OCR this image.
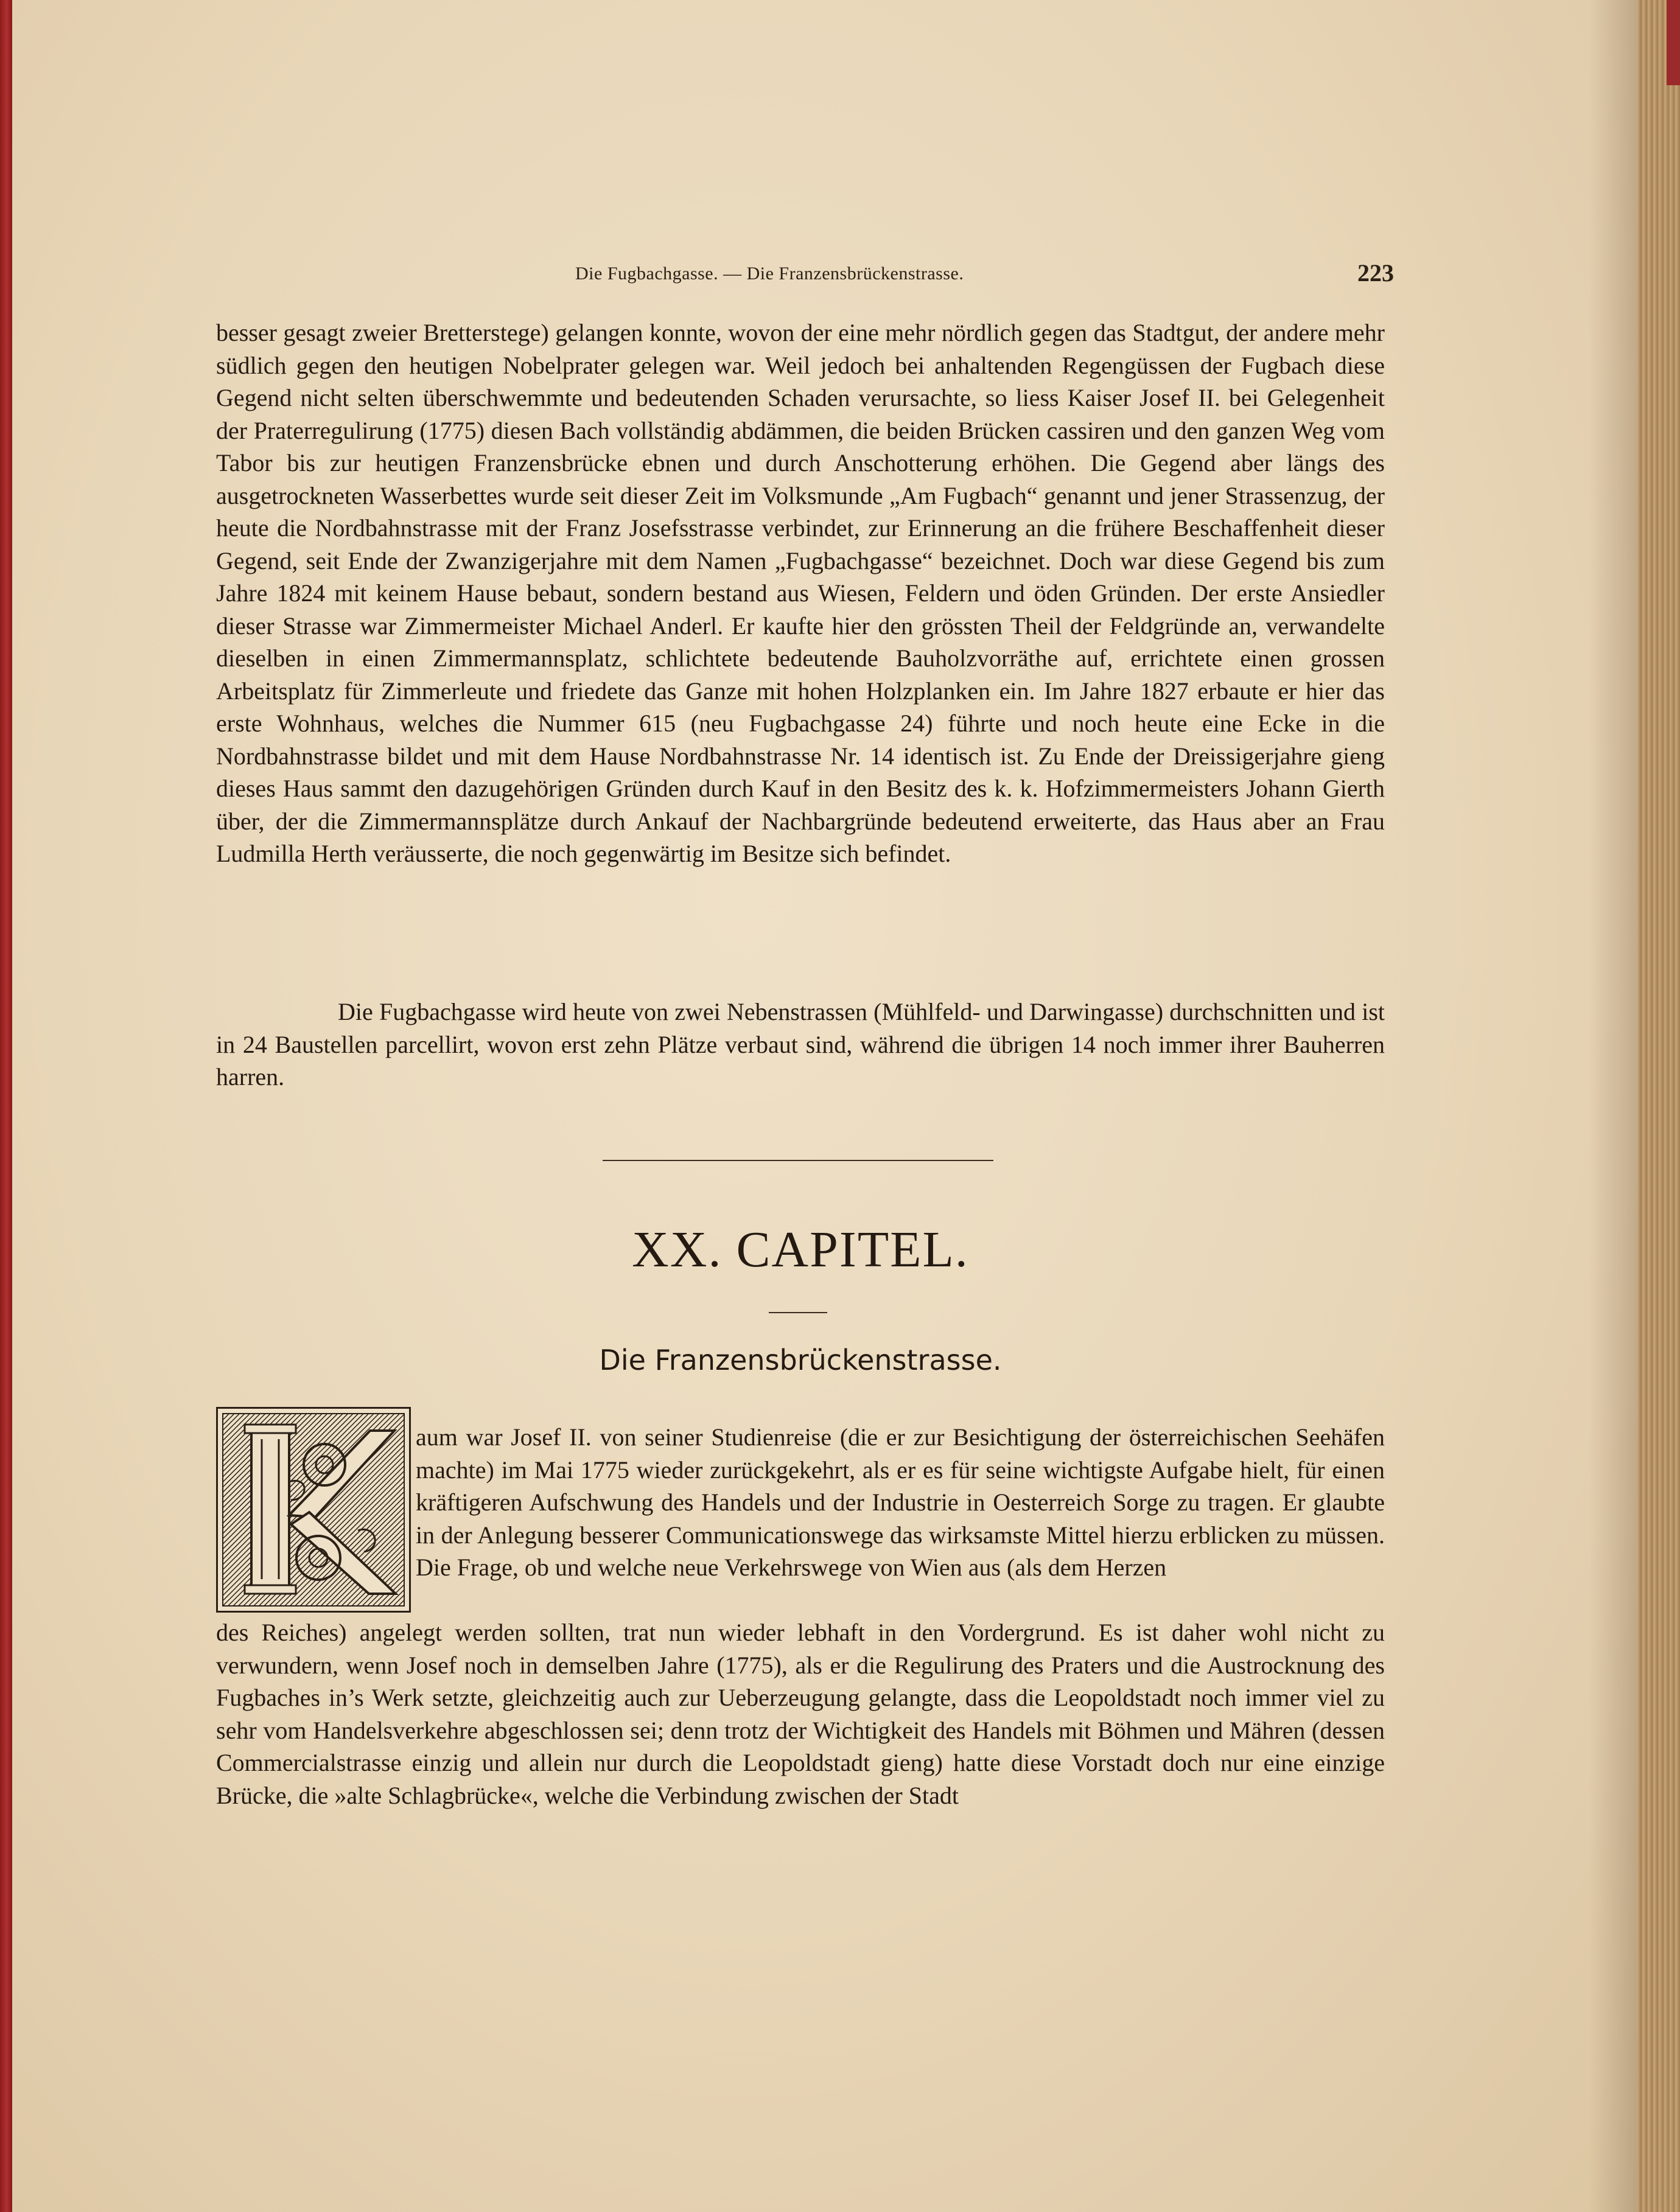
Die Fugbachgasse. — Die Franzensbrückenstrasse.	223

besser gesagt zweier Bretterstege) gelangen konnte, wovon der eine mehr nördlich gegen das Stadtgut, der andere mehr südlich gegen den heutigen Nobelprater gelegen war. Weil jedoch bei anhaltenden Regengüssen der Fugbach diese Gegend nicht selten überschwemmte und bedeutenden Schaden verursachte, so liess Kaiser Josef II. bei Gelegenheit der Praterregulirung (1775) diesen Bach vollständig abdämmen, die beiden Brücken cassiren und den ganzen Weg vom Tabor bis zur heutigen Franzensbrücke ebnen und durch Anschotterung erhöhen. Die Gegend aber längs des ausgetrockneten Wasserbettes wurde seit dieser Zeit im Volksmunde „Am Fugbach“ genannt und jener Strassenzug, der heute die Nordbahnstrasse mit der Franz Josefsstrasse verbindet, zur Erinnerung an die frühere Beschaffenheit dieser Gegend, seit Ende der Zwanzigerjahre mit dem Namen „Fugbachgasse“ bezeichnet. Doch war diese Gegend bis zum Jahre 1824 mit keinem Hause bebaut, sondern bestand aus Wiesen, Feldern und öden Gründen. Der erste Ansiedler dieser Strasse war Zimmermeister Michael Anderl. Er kaufte hier den grössten Theil der Feldgründe an, verwandelte dieselben in einen Zimmermannsplatz, schlichtete bedeutende Bauholzvorräthe auf, errichtete einen grossen Arbeitsplatz für Zimmerleute und friedete das Ganze mit hohen Holzplanken ein. Im Jahre 1827 erbaute er hier das erste Wohnhaus, welches die Nummer 615 (neu Fugbachgasse 24) führte und noch heute eine Ecke in die Nordbahnstrasse bildet und mit dem Hause Nordbahnstrasse Nr. 14 identisch ist. Zu Ende der Dreissigerjahre gieng dieses Haus sammt den dazugehörigen Gründen durch Kauf in den Besitz des k. k. Hofzimmermeisters Johann Gierth über, der die Zimmermannsplätze durch Ankauf der Nachbargründe bedeutend erweiterte, das Haus aber an Frau Ludmilla Herth veräusserte, die noch gegenwärtig im Besitze sich befindet.

Die Fugbachgasse wird heute von zwei Nebenstrassen (Mühlfeld- und Darwingasse) durchschnitten und ist in 24 Baustellen parcellirt, wovon erst zehn Plätze verbaut sind, während die übrigen 14 noch immer ihrer Bauherren harren.

XX. CAPITEL.
Die Franzensbrückenstrasse.

aum war Josef II. von seiner Studienreise (die er zur Besichtigung der österreichischen Seehäfen machte) im Mai 1775 wieder zurückgekehrt, als er es für seine wichtigste Aufgabe hielt, für einen kräftigeren Aufschwung des Handels und der Industrie in Oesterreich Sorge zu tragen. Er glaubte in der Anlegung besserer Communicationswege das wirksamste Mittel hierzu erblicken zu müssen. Die Frage, ob und welche neue Verkehrswege von Wien aus (als dem Herzen

des Reiches) angelegt werden sollten, trat nun wieder lebhaft in den Vordergrund. Es ist daher wohl nicht zu verwundern, wenn Josef noch in demselben Jahre (1775), als er die Regulirung des Praters und die Austrocknung des Fugbaches in’s Werk setzte, gleichzeitig auch zur Ueberzeugung gelangte, dass die Leopoldstadt noch immer viel zu sehr vom Handelsverkehre abgeschlossen sei; denn trotz der Wichtigkeit des Handels mit Böhmen und Mähren (dessen Commercialstrasse einzig und allein nur durch die Leopoldstadt gieng) hatte diese Vorstadt doch nur eine einzige Brücke, die »alte Schlagbrücke«, welche die Verbindung zwischen der Stadt
